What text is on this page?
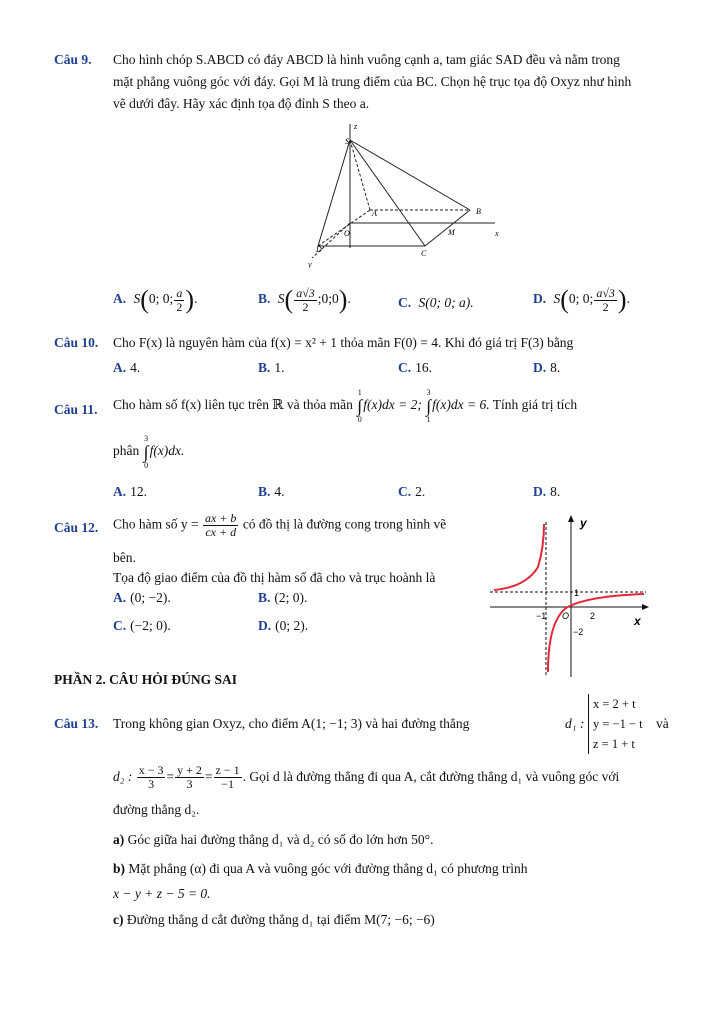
Câu 9. Cho hình chóp S.ABCD có đáy ABCD là hình vuông cạnh a, tam giác SAD đều và nằm trong
mặt phẳng vuông góc với đáy. Gọi M là trung điểm của BC. Chọn hệ trục tọa độ Oxyz như hình
vẽ dưới đây. Hãy xác định tọa độ đỉnh S theo a.
S
z
A	B
O	M	x
D	C
y
A. S(0; 0; $\frac{a}{2}$ ).	B. $S( \frac{a√3}{2}$ ;0;0).	C. S(0; 0; a).	D. S(0; 0; $\frac{a√3}{2}$ ).
Câu 10. Cho F(x) là nguyên hàm của f(x) = x² + 1 thỏa mãn F(0) = 4. Khi đó giá trị F(3) bằng
A. 4.	B. 1.	C. 16.	D. 8.
Câu 11. Cho hàm số f(x) liên tục trên ℝ và thỏa mãn 1
∫
0f(x)dx = 2; 3
∫
1f(x)dx = 6. Tính giá trị tích
phân 3
∫
0f(x)dx.
A. 12.	B. 4.	C. 2.	D. 8.
Câu 12. Cho hàm số $y = \frac{ax + b}{cx + d}$ có đồ thị là đường cong trong hình vẽ
bên.
Tọa độ giao điểm của đồ thị hàm số đã cho và trục hoành là
A. (0; −2).	B. (2; 0).
C. (−2; 0).	D. (0; 2).
y
x
1
−1 O 2
−2
PHẦN 2. CÂU HỎI ĐÚNG SAI
Câu 13. Trong không gian Oxyz, cho điểm A(1; −1; 3) và hai đường thẳng	d₁ :
x = 2 + t
y = −1 − t
z = 1 + t
và
d₂ : $\frac{x - 3}{3} = \frac{y + 2}{3} = \frac{z - 1}{-1}$ . Gọi d là đường thẳng đi qua A, cắt đường thẳng d₁ và vuông góc với
đường thẳng d₂.
a) Góc giữa hai đường thẳng d₁ và d₂ có số đo lớn hơn 50°.
b) Mặt phẳng (α) đi qua A và vuông góc với đường thẳng d₁ có phương trình
x − y + z − 5 = 0.
c) Đường thẳng d cắt đường thẳng d₁ tại điểm M(7; −6; −6)
